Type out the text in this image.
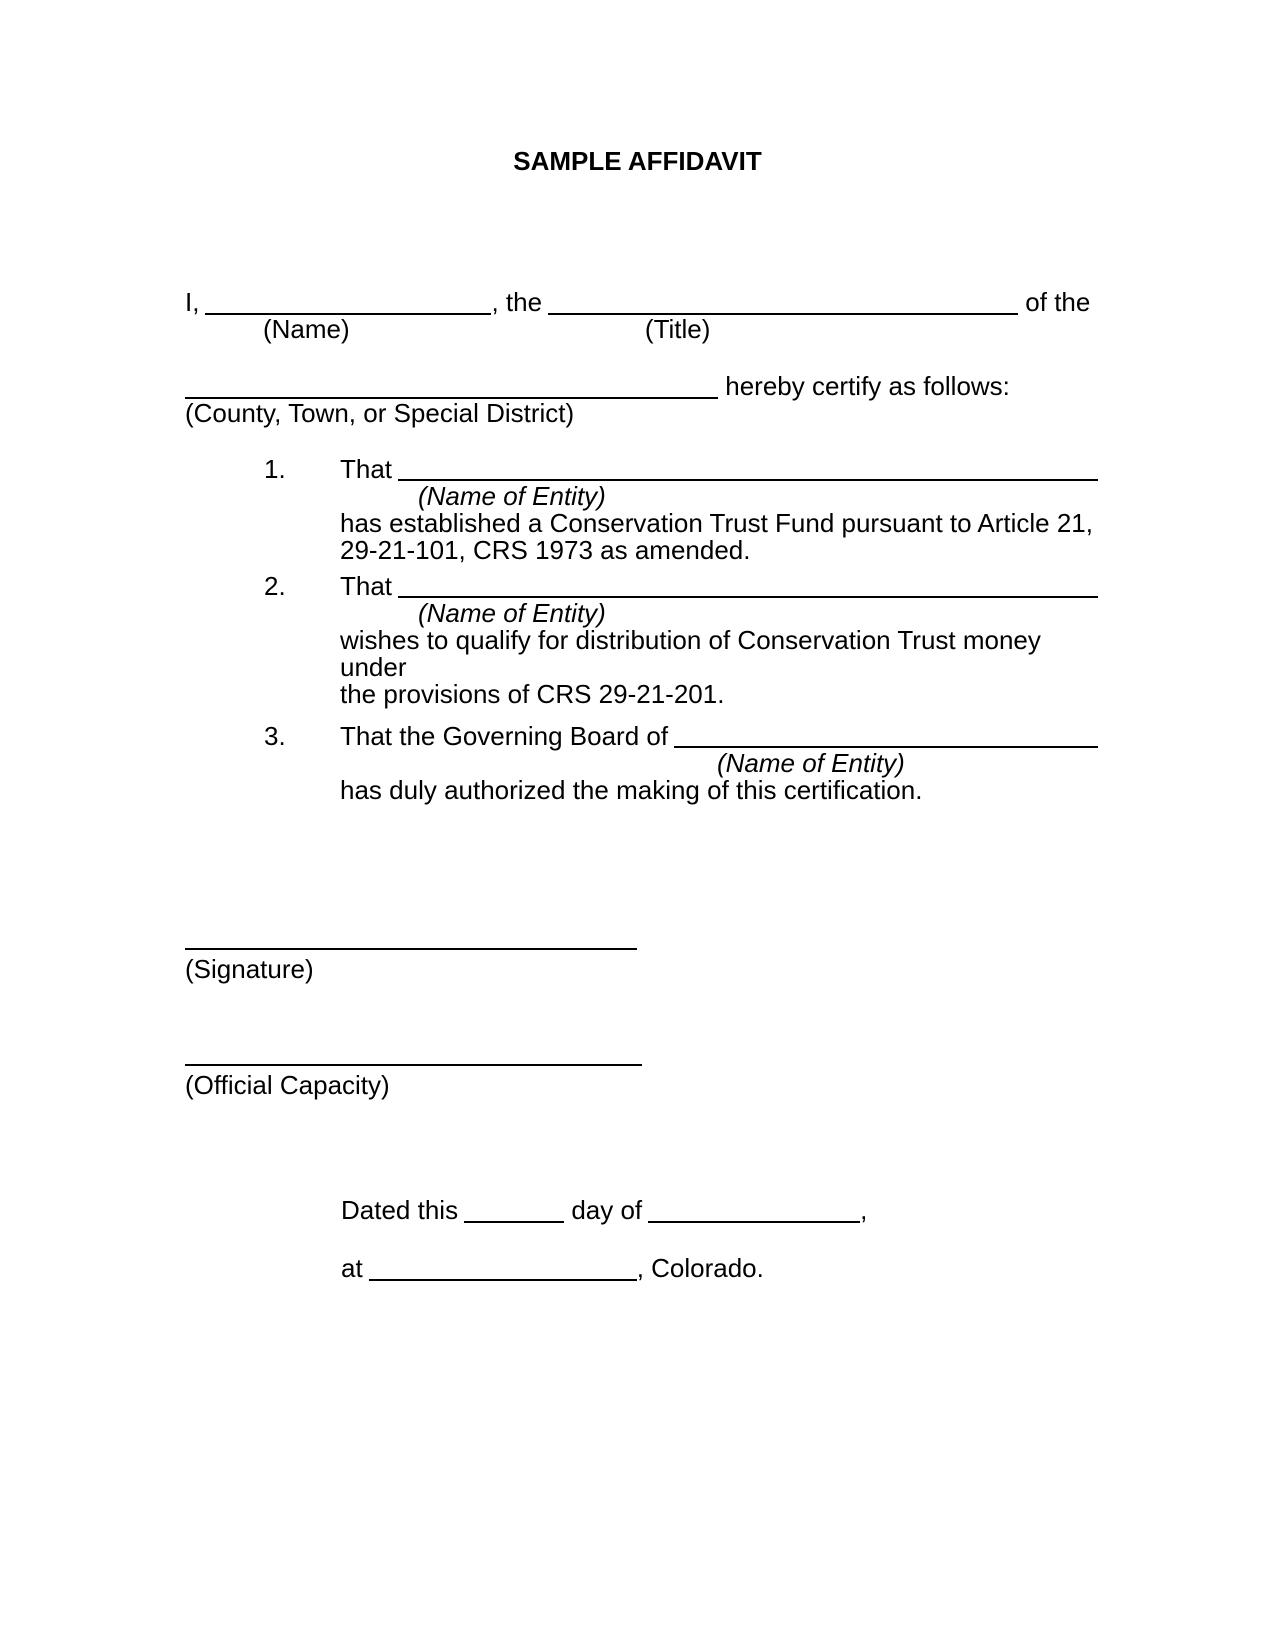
SAMPLE AFFIDAVIT
I,	, the	of the
(Name)	(Title)
hereby certify as follows:
(County, Town, or Special District)
1.	That
(Name of Entity)
has established a Conservation Trust Fund pursuant to Article 21,
29-21-101, CRS 1973 as amended.
2.	That
(Name of Entity)
wishes to qualify for distribution of Conservation Trust money under
the provisions of CRS 29-21-201.
3.	That the Governing Board of
(Name of Entity)
has duly authorized the making of this certification.
(Signature)
(Official Capacity)
Dated this	day of	,
at	, Colorado.
